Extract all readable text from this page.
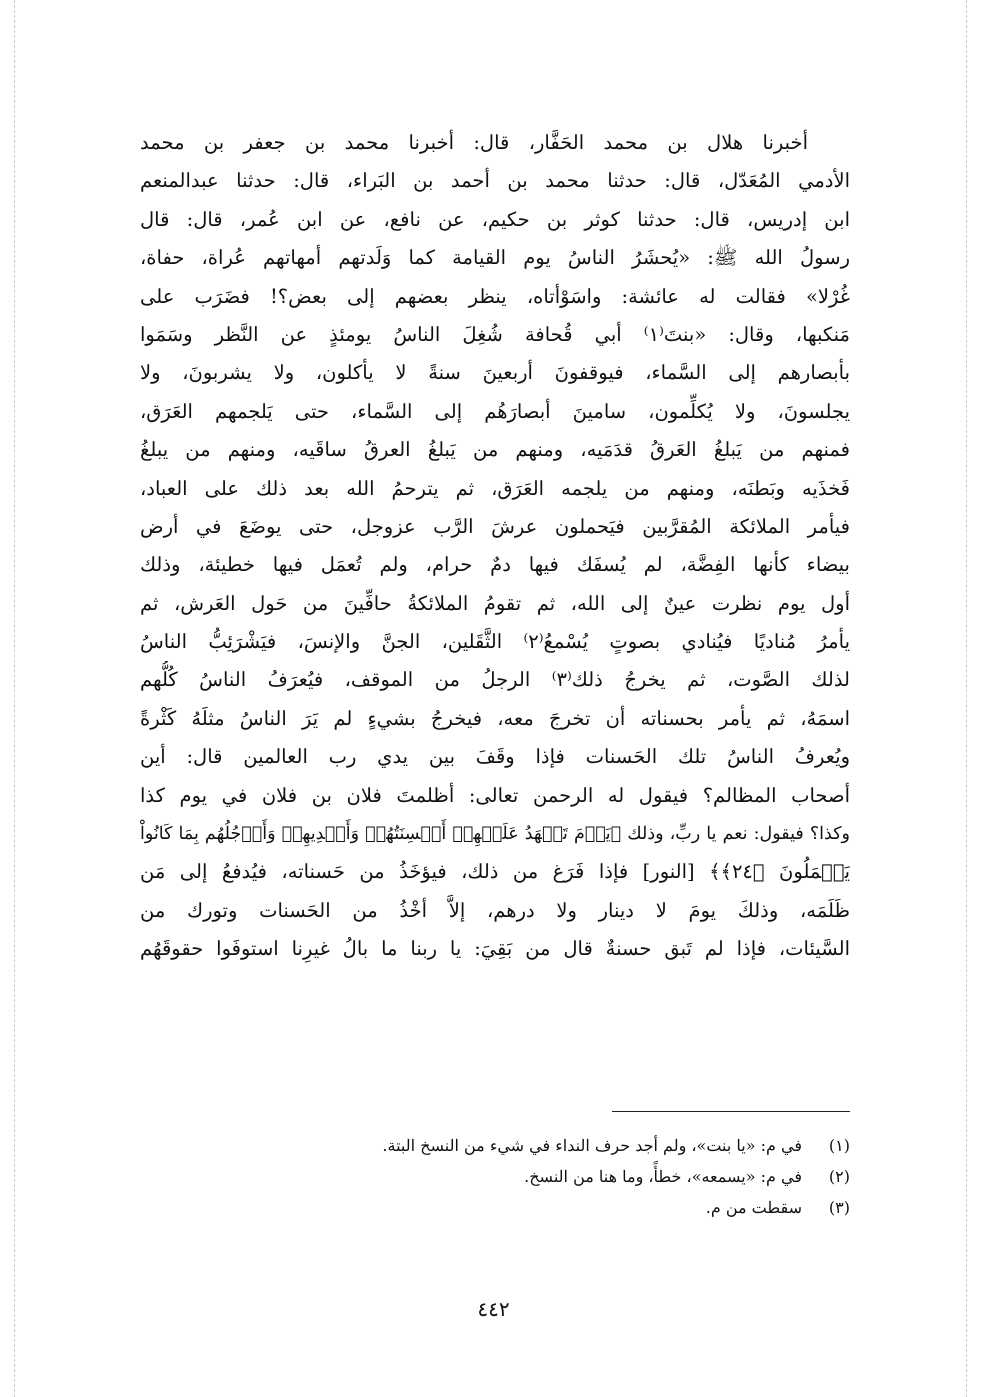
أخبرنا هلال بن محمد الحَفَّار، قال: أخبرنا محمد بن جعفر بن محمد
الأدمي المُعَدّل، قال: حدثنا محمد بن أحمد بن البَراء، قال: حدثنا عبدالمنعم
ابن إدريس، قال: حدثنا كوثر بن حكيم، عن نافع، عن ابن عُمر، قال: قال
رسولُ الله ﷺ: «يُحشَرُ الناسُ يوم القيامة كما وَلَدتهم أمهاتهم عُراة، حفاة،
غُرْلا» فقالت له عائشة: واسَوْأتاه، ينظر بعضهم إلى بعض؟! فضَرَب على
مَنكبها، وقال: «بنتَ⁽١⁾ أبي قُحافة شُغِلَ الناسُ يومئذٍ عن النَّظر وسَمَوا
بأبصارهم إلى السَّماء، فيوقفونَ أربعينَ سنةً لا يأكلون، ولا يشربونَ، ولا
يجلسونَ، ولا يُكلِّمون، سامينَ أبصارَهُم إلى السَّماء، حتى يَلجمهم العَرَق،
فمنهم من يَبلغُ العَرقُ قدَمَيه، ومنهم من يَبلغُ العرقُ ساقَيه، ومنهم من يبلغُ
فَخذَيه وبَطنَه، ومنهم من يلجمه العَرَق، ثم يترحمُ الله بعد ذلك على العباد،
فيأمر الملائكة المُقرَّبين فيَحملون عرشَ الرَّب عزوجل، حتى يوضَعَ في أرض
بيضاء كأنها الفِضَّة، لم يُسفَك فيها دمٌ حرام، ولم تُعمَل فيها خطيئة، وذلك
أول يوم نظرت عينٌ إلى الله، ثم تقومُ الملائكةُ حافِّينَ من حَول العَرش، ثم
يأمرُ مُناديًا فيُنادي بصوتٍ يُسْمعُ⁽٢⁾ الثَّقَلين، الجنَّ والإنسَ، فيَشْرَئِبُّ الناسُ
لذلك الصَّوت، ثم يخرجُ ذلك⁽٣⁾ الرجلُ من الموقف، فيُعرَفُ الناسُ كُلُّهم
اسمَهُ، ثم يأمر بحسناته أن تخرجَ معه، فيخرجُ بشيءٍ لم يَرَ الناسُ مثلَهُ كَثْرةً
ويُعرفُ الناسُ تلك الحَسنات فإذا وقَفَ بين يدي رب العالمين قال: أين
أصحاب المظالم؟ فيقول له الرحمن تعالى: أظلمتَ فلان بن فلان في يوم كذا
وكذا؟ فيقول: نعم يا ربِّ، وذلك ﴿يَوۡمَ تَشۡهَدُ عَلَيۡهِمۡ أَلۡسِنَتُهُمۡ وَأَيۡدِيهِمۡ وَأَرۡجُلُهُم بِمَا كَانُواْ
يَعۡمَلُونَ ﴿٢٤﴾﴾ [النور] فإذا فَرَغ من ذلك، فيؤخَذُ من حَسناته، فيُدفعُ إلى مَن
ظَلَمَه، وذلكَ يومَ لا دينار ولا درهم، إلاَّ أخْذُ من الحَسنات وتورك من
السَّيئات، فإذا لم تَبق حسنةٌ قال من بَقِيَ: يا ربنا ما بالُ غيرِنا استوفَوا حقوقَهُم
(١)
في م: «يا بنت»، ولم أجد حرف النداء في شيء من النسخ البتة.
(٢)
في م: «يسمعه»، خطأً، وما هنا من النسخ.
(٣)
سقطت من م.
٤٤٢
